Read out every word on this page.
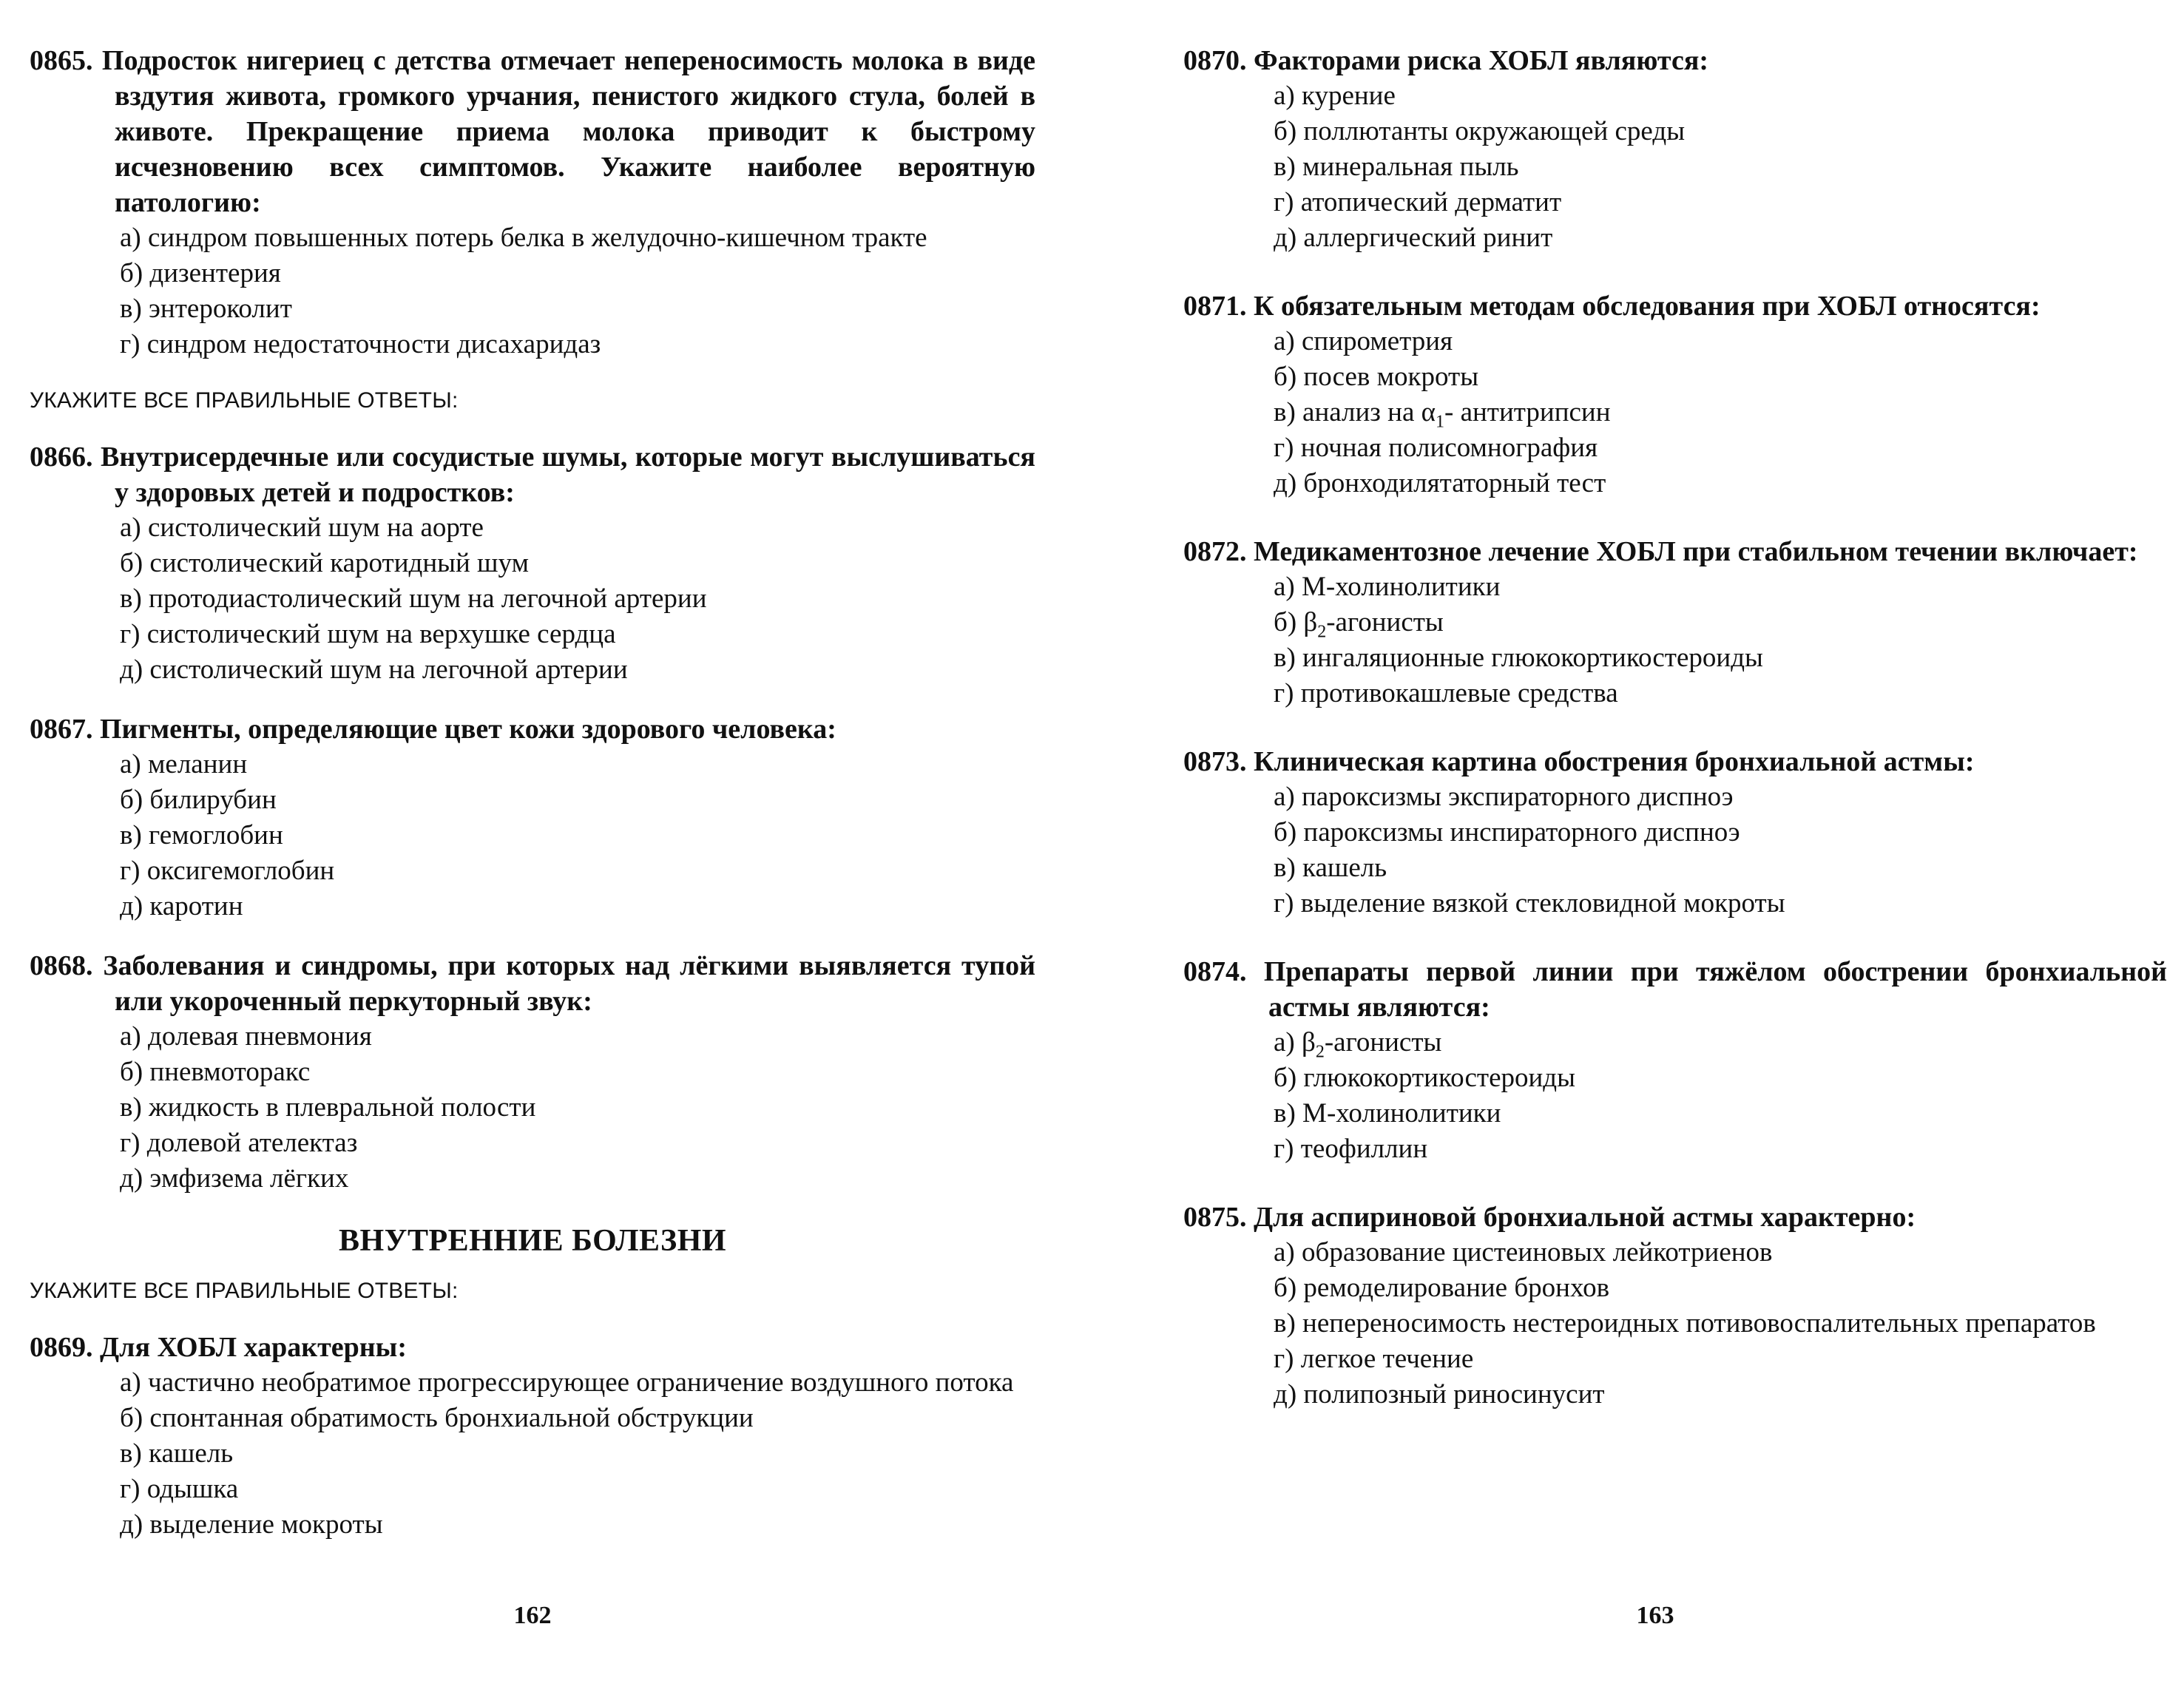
0865. Подросток нигериец с детства отмечает непереносимость молока в виде вздутия живота, громкого урчания, пенистого жидкого стула, болей в животе. Прекращение приема молока приводит к быстрому исчезновению всех симптомов. Укажите наиболее вероятную патологию:
а) синдром повышенных потерь белка в желудочно-кишечном тракте
б) дизентерия
в) энтероколит
г) синдром недостаточности дисахаридаз

УКАЖИТЕ ВСЕ ПРАВИЛЬНЫЕ ОТВЕТЫ:

0866. Внутрисердечные или сосудистые шумы, которые могут выслушиваться у здоровых детей и подростков:
а) систолический шум на аорте
б) систолический каротидный шум
в) протодиастолический шум на легочной артерии
г) систолический шум на верхушке сердца
д) систолический шум на легочной артерии
0867. Пигменты, определяющие цвет кожи здорового человека:
а) меланин
б) билирубин
в) гемоглобин
г) оксигемоглобин
д) каротин
0868. Заболевания и синдромы, при которых над лёгкими выявляется тупой или укороченный перкуторный звук:
а) долевая пневмония
б) пневмоторакс
в) жидкость в плевральной полости
г) долевой ателектаз
д) эмфизема лёгких
ВНУТРЕННИЕ БОЛЕЗНИ

УКАЖИТЕ ВСЕ ПРАВИЛЬНЫЕ ОТВЕТЫ:

0869. Для ХОБЛ характерны:
а) частично необратимое прогрессирующее ограничение воздушного потока
б) спонтанная обратимость бронхиальной обструкции
в) кашель
г) одышка
д) выделение мокроты
162
0870. Факторами риска ХОБЛ являются:
а) курение
б) поллютанты окружающей среды
в) минеральная пыль
г) атопический дерматит
д) аллергический ринит
0871. К обязательным методам обследования при ХОБЛ относятся:
а) спирометрия
б) посев мокроты
в) анализ на $\alpha_1-$ антитрипсин
г) ночная полисомнография
д) бронходилятаторный тест
0872. Медикаментозное лечение ХОБЛ при стабильном течении включает:
а) М-холинолитики
б) $\beta_2$-агонисты
в) ингаляционные глюкокортикостероиды
г) противокашлевые средства
0873. Клиническая картина обострения бронхиальной астмы:
а) пароксизмы экспираторного диспноэ
б) пароксизмы инспираторного диспноэ
в) кашель
г) выделение вязкой стекловидной мокроты
0874. Препараты первой линии при тяжёлом обострении бронхиальной астмы являются:
а) $\beta_2$-агонисты
б) глюкокортикостероиды
в) М-холинолитики
г) теофиллин
0875. Для аспириновой бронхиальной астмы характерно:
а) образование цистеиновых лейкотриенов
б) ремоделирование бронхов
в) непереносимость нестероидных потивовоспалительных препаратов
г) легкое течение
д) полипозный риносинусит
163
